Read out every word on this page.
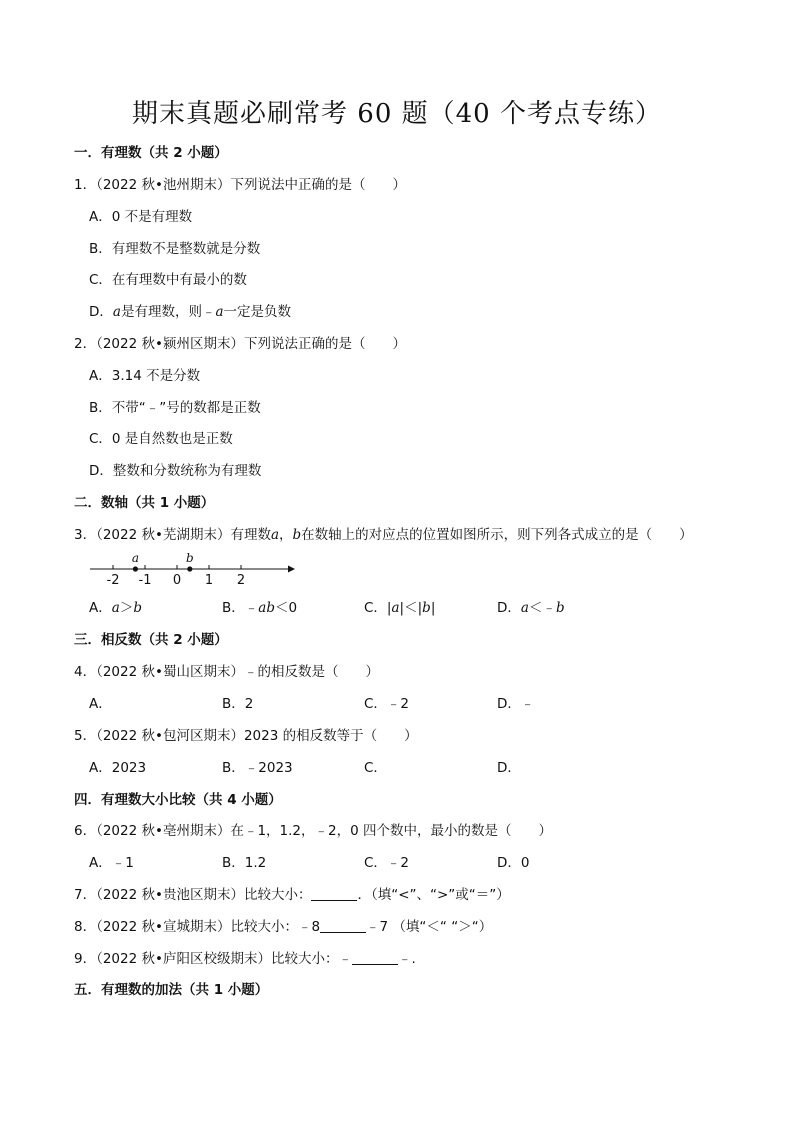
期末真题必刷常考 60 题（40 个考点专练）
一．有理数（共 2 小题）
1．（2022 秋•池州期末）下列说法中正确的是（　　）
A．0 不是有理数
B．有理数不是整数就是分数
C．在有理数中有最小的数
D．a是有理数，则﹣a一定是负数
2．（2022 秋•颍州区期末）下列说法正确的是（　　）
A．3.14 不是分数
B．不带“﹣”号的数都是正数
C．0 是自然数也是正数
D．整数和分数统称为有理数
二．数轴（共 1 小题）
3．（2022 秋•芜湖期末）有理数a，b在数轴上的对应点的位置如图所示，则下列各式成立的是（　　）
-2 -1 0 1 2
a	b
A．a＞b	B．﹣ab＜0	C．|a|＜|b|	D．a＜﹣b
三．相反数（共 2 小题）
4．（2022 秋•蜀山区期末）﹣的相反数是（　　）
A．	B．2	C．﹣2	D．﹣
5．（2022 秋•包河区期末）2023 的相反数等于（　　）
A．2023	B．﹣2023	C．	D．
四．有理数大小比较（共 4 小题）
6．（2022 秋•亳州期末）在﹣1，1.2，﹣2，0 四个数中，最小的数是（　　）
A．﹣1	B．1.2	C．﹣2	D．0
7．（2022 秋•贵池区期末）比较大小：	．（填“<”、“>”或“＝”）
8．（2022 秋•宣城期末）比较大小：﹣8	﹣7 （填“＜“ “＞“）
9．（2022 秋•庐阳区校级期末）比较大小：﹣	﹣.
五．有理数的加法（共 1 小题）
